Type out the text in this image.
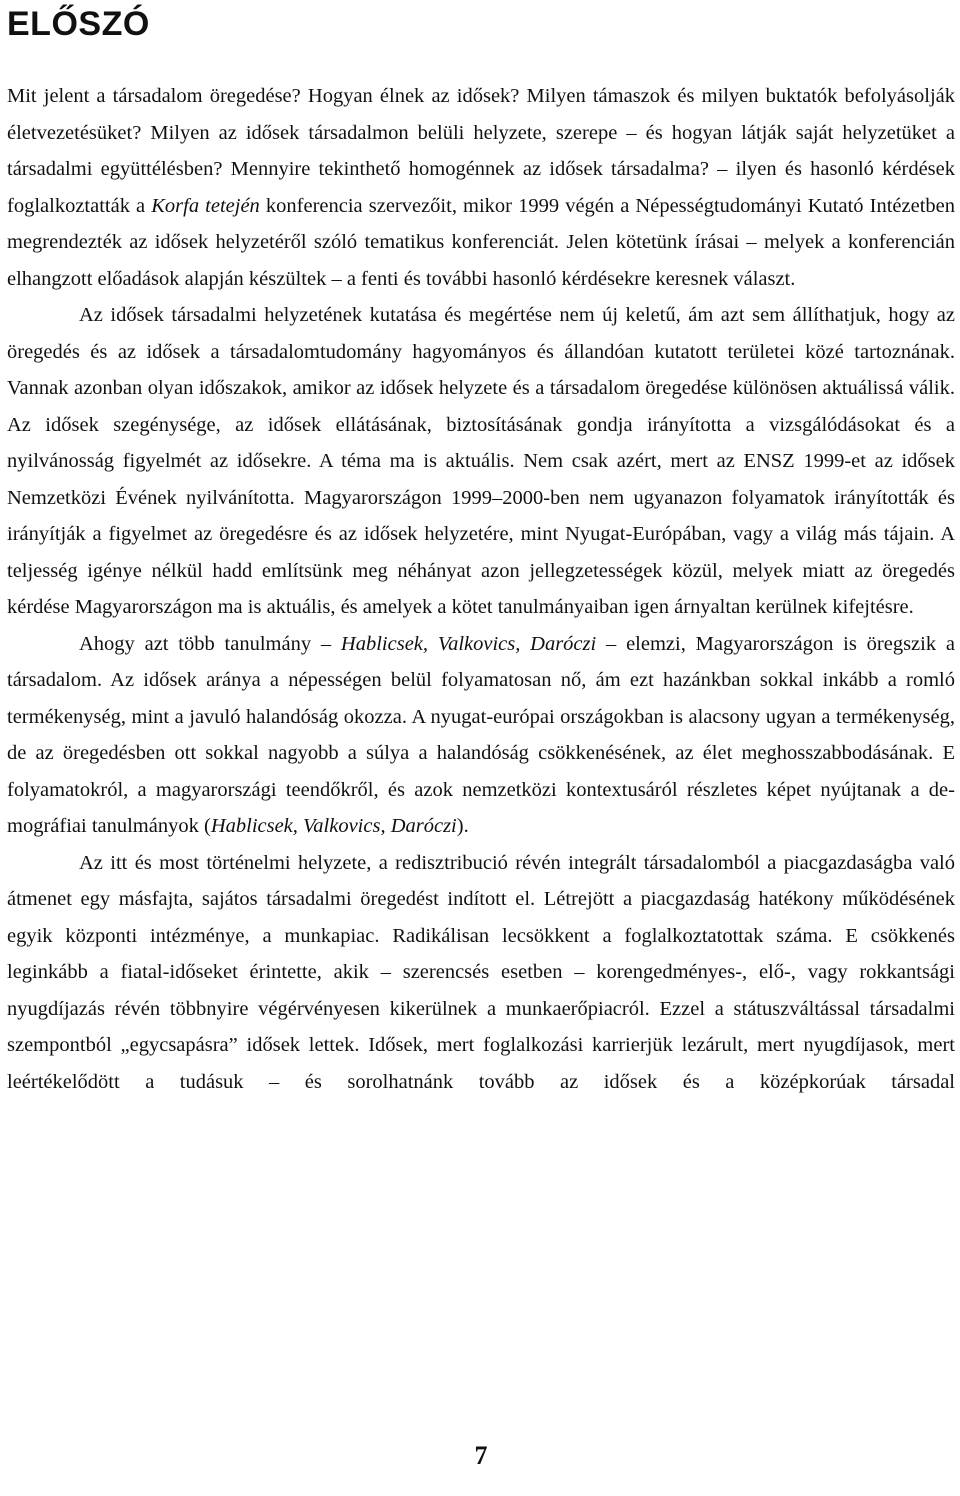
ELŐSZÓ

Mit jelent a társadalom öregedése? Hogyan élnek az idősek? Milyen támaszok és milyen buktatók befolyásolják életvezetésüket? Milyen az idősek társadalmon belüli helyzete, szerepe – és hogyan látják saját helyzetüket a társadalmi együttélésben? Mennyire tekinthető homogénnek az idősek társadalma? – ilyen és hasonló kérdések foglalkoztatták a Korfa tetején konferencia szervezőit, mikor 1999 végén a Népességtudományi Kutató Intézetben megrendezték az idősek helyzetéről szóló tematikus konferenciát. Jelen kötetünk írásai – melyek a konferencián elhangzott előadások alapján készültek – a fenti és további hasonló kérdésekre keresnek választ.

Az idősek társadalmi helyzetének kutatása és megértése nem új keletű, ám azt sem állíthatjuk, hogy az öregedés és az idősek a társadalomtudomány hagyományos és állandóan kutatott területei közé tartoznának. Vannak azonban olyan időszakok, amikor az idősek helyzete és a társadalom öregedése különösen aktuálissá válik. Az idősek szegénysége, az idősek ellátásának, biztosításának gondja irányította a vizsgálódásokat és a nyilvánosság figyelmét az idősekre. A téma ma is aktuális. Nem csak azért, mert az ENSZ 1999-et az idősek Nemzetközi Évének nyilvánította. Magyarországon 1999–2000-ben nem ugyanazon folyamatok irányították és irányítják a figyelmet az öregedésre és az idősek helyzetére, mint Nyugat-Európában, vagy a világ más tájain. A teljesség igénye nélkül hadd említsünk meg néhányat azon jellegzetességek közül, melyek miatt az öregedés kérdése Magyarországon ma is aktuális, és amelyek a kötet tanulmányaiban igen árnyaltan kerülnek kifejtésre.

Ahogy azt több tanulmány – Hablicsek, Valkovics, Daróczi – elemzi, Magyarországon is öregszik a társadalom. Az idősek aránya a népességen belül folyamatosan nő, ám ezt hazánkban sokkal inkább a romló termékenység, mint a javuló halandóság okozza. A nyugat-európai országokban is alacsony ugyan a termékenység, de az öregedésben ott sokkal nagyobb a súlya a halandóság csökkenésének, az élet meghosszabbodásának. E folyamatokról, a magyarországi teendőkről, és azok nemzetközi kontextusáról részletes képet nyújtanak a demográfiai tanulmányok (Hablicsek, Valkovics, Daróczi).

Az itt és most történelmi helyzete, a redisztribució révén integrált társadalomból a piacgazdaságba való átmenet egy másfajta, sajátos társadalmi öregedést indított el. Létrejött a piacgazdaság hatékony működésének egyik központi intézménye, a munkapiac. Radikálisan lecsökkent a foglalkoztatottak száma. E csökkenés leginkább a fiatal-időseket érintette, akik – szerencsés esetben – korengedményes-, elő-, vagy rokkantsági nyugdíjazás révén többnyire végérvényesen kikerülnek a munkaerőpiacról. Ezzel a státuszváltással társadalmi szempontból „egycsapásra” idősek lettek. Idősek, mert foglalkozási karrierjük lezárult, mert nyugdíjasok, mert leértékelődött a tudásuk – és sorolhatnánk tovább az idősek és a középkorúak társadal

7
